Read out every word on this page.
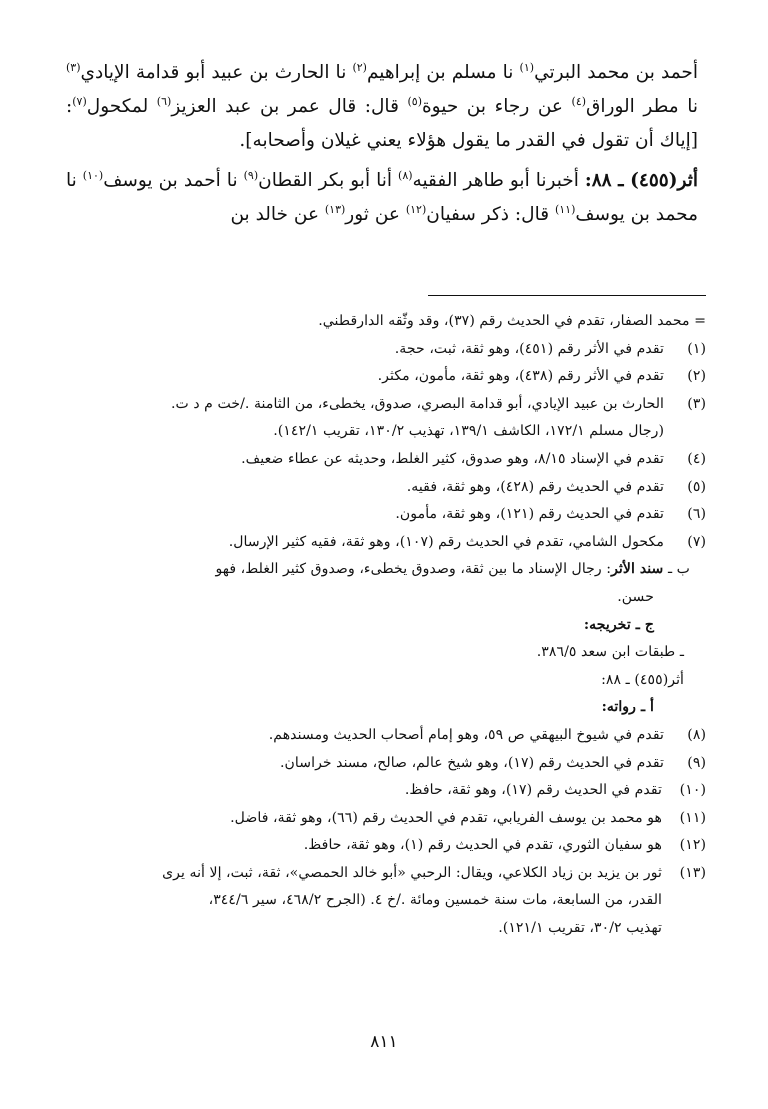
أحمد بن محمد البرتي$^{(١)}$ نا مسلم بن إبراهيم$^{(٢)}$ نا الحارث بن عبيد أبو قدامة الإيادي$^{(٣)}$ نا مطر الوراق$^{(٤)}$ عن رجاء بن حيوة$^{(٥)}$ قال: قال عمر بن عبد العزيز$^{(٦)}$ لمكحول$^{(٧)}$: [إياك أن تقول في القدر ما يقول هؤلاء يعني غيلان وأصحابه].

أثر(٤٥٥) ـ ٨٨: أخبرنا أبو طاهر الفقيه$^{(٨)}$ أنا أبو بكر القطان$^{(٩)}$ نا أحمد بن يوسف$^{(١٠)}$ نا محمد بن يوسف$^{(١١)}$ قال: ذكر سفيان$^{(١٢)}$ عن ثور$^{(١٣)}$ عن خالد بن

= محمد الصفار، تقدم في الحديث رقم (٣٧)، وقد وثّقه الدارقطني.
(١)
تقدم في الأثر رقم (٤٥١)، وهو ثقة، ثبت، حجة.
(٢)
تقدم في الأثر رقم (٤٣٨)، وهو ثقة، مأمون، مكثر.
(٣)
الحارث بن عبيد الإيادي، أبو قدامة البصري، صدوق، يخطىء، من الثامنة ./خت م د ت.
(رجال مسلم ١٧٢/١، الكاشف ١٣٩/١، تهذيب ١٣٠/٢، تقريب ١٤٢/١).
(٤)
تقدم في الإسناد ٨/١٥، وهو صدوق، كثير الغلط، وحديثه عن عطاء ضعيف.
(٥)
تقدم في الحديث رقم (٤٢٨)، وهو ثقة، فقيه.
(٦)
تقدم في الحديث رقم (١٢١)، وهو ثقة، مأمون.
(٧)
مكحول الشامي، تقدم في الحديث رقم (١٠٧)، وهو ثقة، فقيه كثير الإرسال.
ب ـ سند الأثر: رجال الإسناد ما بين ثقة، وصدوق يخطىء، وصدوق كثير الغلط، فهو
حسن.
ج ـ تخريجه:
ـ طبقات ابن سعد ٣٨٦/٥.
أثر(٤٥٥) ـ ٨٨:
أ ـ رواته:
(٨)
تقدم في شيوخ البيهقي ص ٥٩، وهو إمام أصحاب الحديث ومسندهم.
(٩)
تقدم في الحديث رقم (١٧)، وهو شيخ عالم، صالح، مسند خراسان.
(١٠)
تقدم في الحديث رقم (١٧)، وهو ثقة، حافظ.
(١١)
هو محمد بن يوسف الفريابي، تقدم في الحديث رقم (٦٦)، وهو ثقة، فاضل.
(١٢)
هو سفيان الثوري، تقدم في الحديث رقم (١)، وهو ثقة، حافظ.
(١٣)
ثور بن يزيد بن زياد الكلاعي، ويقال: الرحبي «أبو خالد الحمصي»، ثقة، ثبت، إلا أنه يرى
القدر، من السابعة، مات سنة خمسين ومائة ./خ ٤. (الجرح ٤٦٨/٢، سير ٣٤٤/٦،
تهذيب ٣٠/٢، تقريب ١٢١/١).
٨١١
